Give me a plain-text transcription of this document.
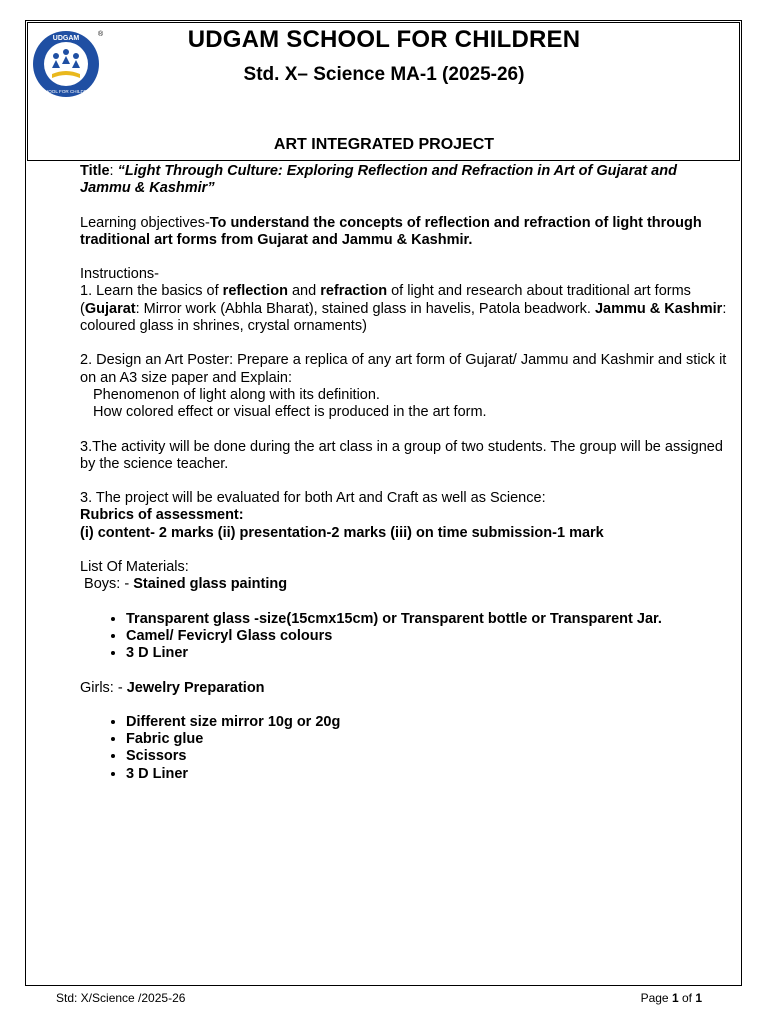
UDGAM
SCHOOL FOR CHILDREN
®	UDGAM SCHOOL FOR CHILDREN
Std. X– Science MA-1 (2025-26)
ART INTEGRATED PROJECT

Title: “Light Through Culture: Exploring Reflection and Refraction in Art of Gujarat and Jammu & Kashmir”

Learning objectives-To understand the concepts of reflection and refraction of light through traditional art forms from Gujarat and Jammu & Kashmir.

Instructions-

1. Learn the basics of reflection and refraction of light and research about traditional art forms (Gujarat: Mirror work (Abhla Bharat), stained glass in havelis, Patola beadwork. Jammu & Kashmir: coloured glass in shrines, crystal ornaments)

2. Design an Art Poster: Prepare a replica of any art form of Gujarat/ Jammu and Kashmir and stick it on an A3 size paper and Explain:

Phenomenon of light along with its definition.

How colored effect or visual effect is produced in the art form.

3.The activity will be done during the art class in a group of two students. The group will be assigned by the science teacher.

3. The project will be evaluated for both Art and Craft as well as Science:

Rubrics of assessment:

(i) content- 2 marks (ii) presentation-2 marks (iii) on time submission-1 mark

List Of Materials:

Boys: - Stained glass painting

• Transparent glass -size(15cmx15cm) or Transparent bottle or Transparent Jar.
• Camel/ Fevicryl Glass colours
• 3 D Liner

Girls: - Jewelry Preparation

• Different size mirror 10g or 20g
• Fabric glue
• Scissors
• 3 D Liner
Std: X/Science /2025-26	Page 1 of 1
